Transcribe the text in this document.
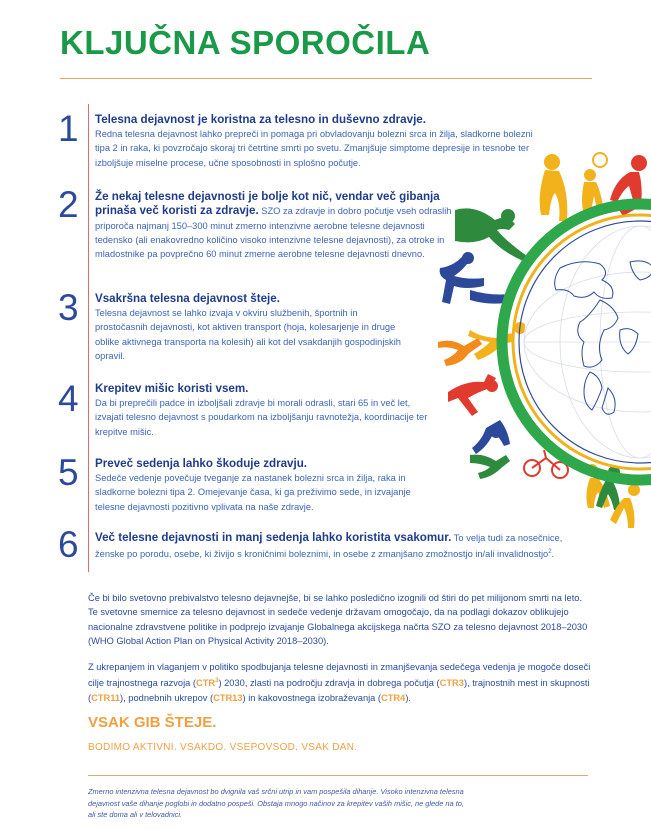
KLJUČNA SPOROČILA
1 Telesna dejavnost je koristna za telesno in duševno zdravje.
Redna telesna dejavnost lahko prepreči in pomaga pri obvladovanju bolezni srca in žilja, sladkorne bolezni tipa 2 in raka, ki povzročajo skoraj tri četrtine smrti po svetu. Zmanjšuje simptome depresije in tesnobe ter izboljšuje miselne procese, učne sposobnosti in splošno počutje.
2 Že nekaj telesne dejavnosti je bolje kot nič, vendar več gibanja prinaša več koristi za zdravje. SZO za zdravje in dobro počutje vseh odraslih priporoča najmanj 150–300 minut zmerno intenzivne aerobne telesne dejavnosti tedensko (ali enakovredno količino visoko intenzivne telesne dejavnosti), za otroke in mladostnike pa povprečno 60 minut zmerne aerobne telesne dejavnosti dnevno.
3 Vsakršna telesna dejavnost šteje.
Telesna dejavnost se lahko izvaja v okviru službenih, športnih in prostočasnih dejavnosti, kot aktiven transport (hoja, kolesarjenje in druge oblike aktivnega transporta na kolesih) ali kot del vsakdanjih gospodinjskih opravil.
4 Krepitev mišic koristi vsem.
Da bi preprečili padce in izboljšali zdravje bi morali odrasli, stari 65 in več let, izvajati telesno dejavnost s poudarkom na izboljšanju ravnotežja, koordinacije ter krepitve mišic.
5 Preveč sedenja lahko škoduje zdravju.
Sedeče vedenje povečuje tveganje za nastanek bolezni srca in žilja, raka in sladkorne bolezni tipa 2. Omejevanje časa, ki ga preživimo sede, in izvajanje telesne dejavnosti pozitivno vplivata na naše zdravje.
6 Več telesne dejavnosti in manj sedenja lahko koristita vsakomur. To velja tudi za nosečnice, ženske po porodu, osebe, ki živijo s kroničnimi boleznimi, in osebe z zmanjšano zmožnostjo in/ali invalidnostjo$^2$.
Če bi bilo svetovno prebivalstvo telesno dejavnejše, bi se lahko posledično izognili od štiri do pet milijonom smrti na leto. Te svetovne smernice za telesno dejavnost in sedeče vedenje državam omogočajo, da na podlagi dokazov oblikujejo nacionalne zdravstvene politike in podprejo izvajanje Globalnega akcijskega načrta SZO za telesno dejavnost 2018–2030 (WHO Global Action Plan on Physical Activity 2018–2030).
Z ukrepanjem in vlaganjem v politiko spodbujanja telesne dejavnosti in zmanjševanja sedečega vedenja je mogoče doseči cilje trajnostnega razvoja (CTR$^3$) 2030, zlasti na področju zdravja in dobrega počutja (CTR3), trajnostnih mest in skupnosti (CTR11), podnebnih ukrepov (CTR13) in kakovostnega izobraževanja (CTR4).
VSAK GIB ŠTEJE.
BODIMO AKTIVNI. VSAKDO. VSEPOVSOD. VSAK DAN.
Zmerno intenzivna telesna dejavnost bo dvignila vaš srčni utrip in vam pospešila dihanje. Visoko intenzivna telesna dejavnost vaše dihanje poglobi in dodatno pospeši. Obstaja mnogo načinov za krepitev vaših mišic, ne glede na to, ali ste doma ali v telovadnici.
